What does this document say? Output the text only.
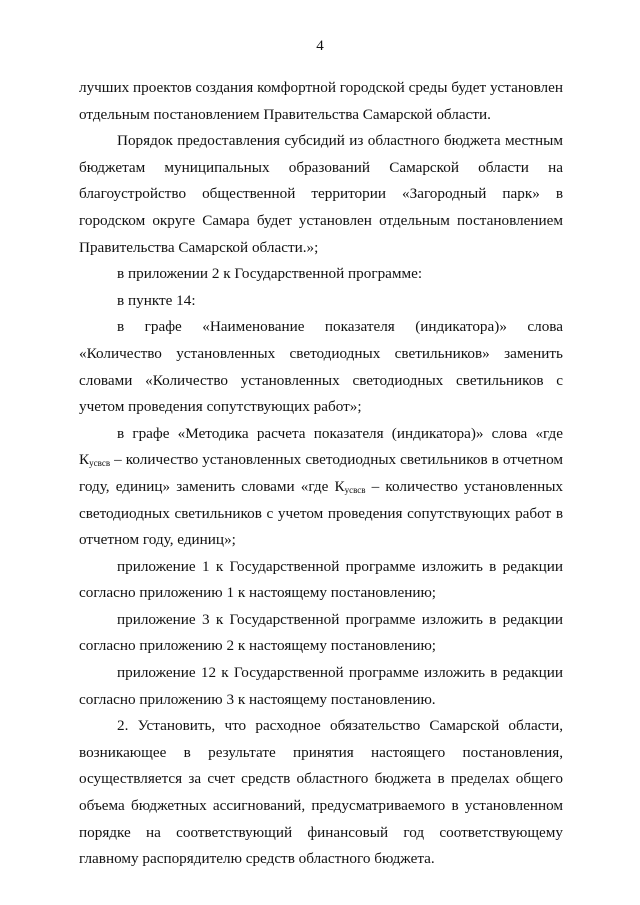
4

лучших проектов создания комфортной городской среды будет установлен отдельным постановлением Правительства Самарской области.

Порядок предоставления субсидий из областного бюджета местным бюджетам муниципальных образований Самарской области на благоустройство общественной территории «Загородный парк» в городском округе Самара будет установлен отдельным постановлением Правительства Самарской области.»;

в приложении 2 к Государственной программе:

в пункте 14:

в графе «Наименование показателя (индикатора)» слова «Количество установленных светодиодных светильников» заменить словами «Количество установленных светодиодных светильников с учетом проведения сопутствующих работ»;

в графе «Методика расчета показателя (индикатора)» слова «где $К_{усвсв}$ – количество установленных светодиодных светильников в отчетном году, единиц» заменить словами «где $К_{усвсв}$ – количество установленных светодиодных светильников с учетом проведения сопутствующих работ в отчетном году, единиц»;

приложение 1 к Государственной программе изложить в редакции согласно приложению 1 к настоящему постановлению;

приложение 3 к Государственной программе изложить в редакции согласно приложению 2 к настоящему постановлению;

приложение 12 к Государственной программе изложить в редакции согласно приложению 3 к настоящему постановлению.

2. Установить, что расходное обязательство Самарской области, возникающее в результате принятия настоящего постановления, осуществляется за счет средств областного бюджета в пределах общего объема бюджетных ассигнований, предусматриваемого в установленном порядке на соответствующий финансовый год соответствующему главному распорядителю средств областного бюджета.
